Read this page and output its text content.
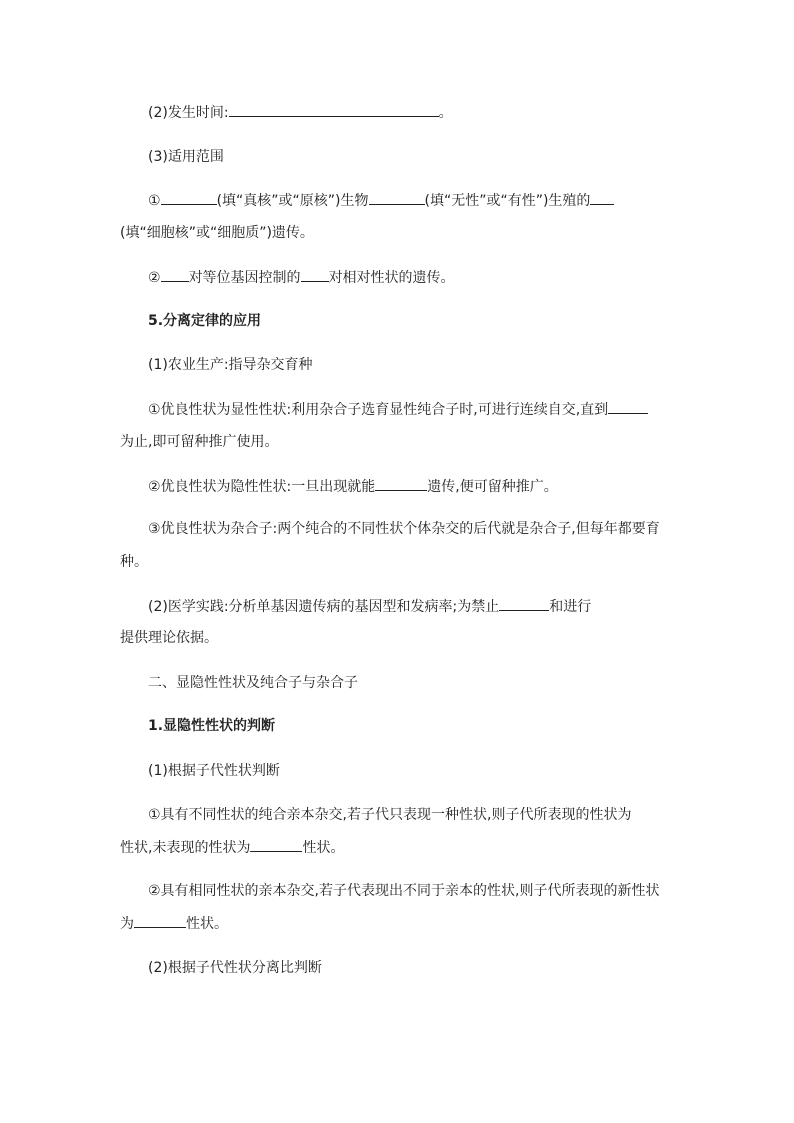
(2)发生时间:	。
(3)适用范围
①	(填“真核”或“原核”)生物	(填“无性”或“有性”)生殖的
(填“细胞核”或“细胞质”)遗传。
② 对等位基因控制的 对相对性状的遗传。
5.分离定律的应用
(1)农业生产:指导杂交育种
①优良性状为显性性状:利用杂合子选育显性纯合子时,可进行连续自交,直到
为止,即可留种推广使用。
②优良性状为隐性性状:一旦出现就能	遗传,便可留种推广。
③优良性状为杂合子:两个纯合的不同性状个体杂交的后代就是杂合子,但每年都要育
种。
(2)医学实践:分析单基因遗传病的基因型和发病率;为禁止	和进行
提供理论依据。
二、显隐性性状及纯合子与杂合子
1.显隐性性状的判断
(1)根据子代性状判断
①具有不同性状的纯合亲本杂交,若子代只表现一种性状,则子代所表现的性状为
性状,未表现的性状为	性状。
②具有相同性状的亲本杂交,若子代表现出不同于亲本的性状,则子代所表现的新性状
为	性状。
(2)根据子代性状分离比判断
